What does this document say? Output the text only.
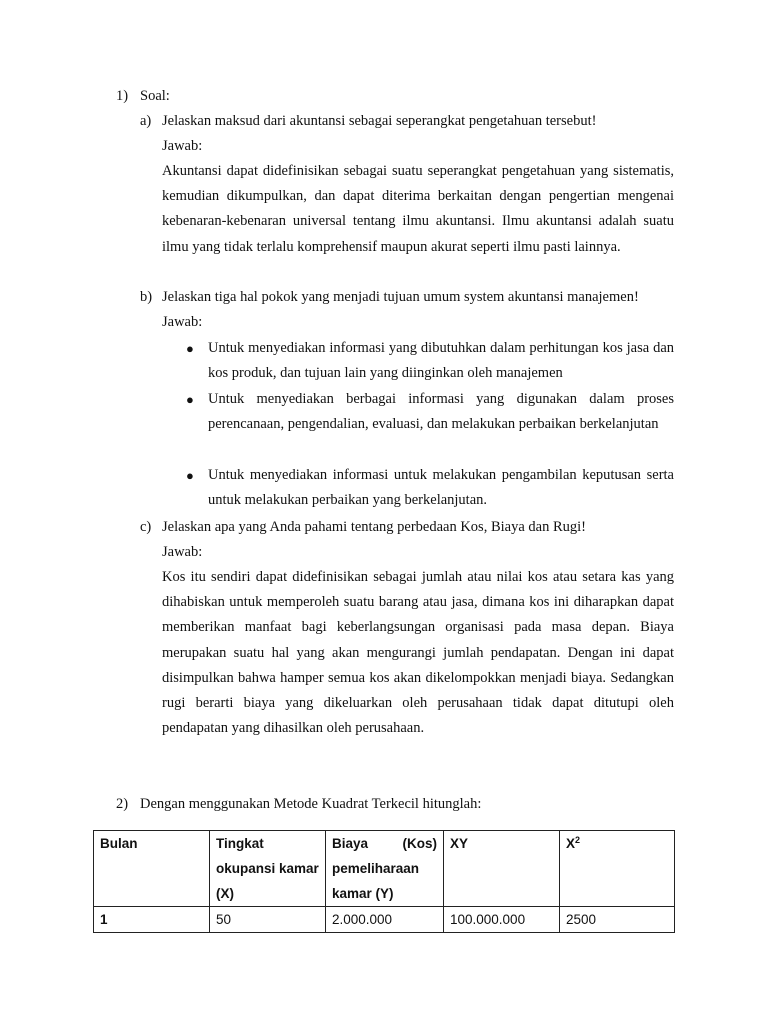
1) Soal:
a) Jelaskan maksud dari akuntansi sebagai seperangkat pengetahuan tersebut!
Jawab:
Akuntansi dapat didefinisikan sebagai suatu seperangkat pengetahuan yang sistematis, kemudian dikumpulkan, dan dapat diterima berkaitan dengan pengertian mengenai kebenaran-kebenaran universal tentang ilmu akuntansi. Ilmu akuntansi adalah suatu ilmu yang tidak terlalu komprehensif maupun akurat seperti ilmu pasti lainnya.
b) Jelaskan tiga hal pokok yang menjadi tujuan umum system akuntansi manajemen!
Jawab:
● Untuk menyediakan informasi yang dibutuhkan dalam perhitungan kos jasa dan kos produk, dan tujuan lain yang diinginkan oleh manajemen
● Untuk menyediakan berbagai informasi yang digunakan dalam proses perencanaan, pengendalian, evaluasi, dan melakukan perbaikan berkelanjutan
● Untuk menyediakan informasi untuk melakukan pengambilan keputusan serta untuk melakukan perbaikan yang berkelanjutan.
c) Jelaskan apa yang Anda pahami tentang perbedaan Kos, Biaya dan Rugi!
Jawab:
Kos itu sendiri dapat didefinisikan sebagai jumlah atau nilai kos atau setara kas yang dihabiskan untuk memperoleh suatu barang atau jasa, dimana kos ini diharapkan dapat memberikan manfaat bagi keberlangsungan organisasi pada masa depan. Biaya merupakan suatu hal yang akan mengurangi jumlah pendapatan. Dengan ini dapat disimpulkan bahwa hamper semua kos akan dikelompokkan menjadi biaya. Sedangkan rugi berarti biaya yang dikeluarkan oleh perusahaan tidak dapat ditutupi oleh pendapatan yang dihasilkan oleh perusahaan.
2) Dengan menggunakan Metode Kuadrat Terkecil hitunglah:
Bulan	Tingkat okupansi kamar (X)	Biaya (Kos) pemeliharaan kamar (Y)	XY	$X^2$
1	50	2.000.000	100.000.000	2500
